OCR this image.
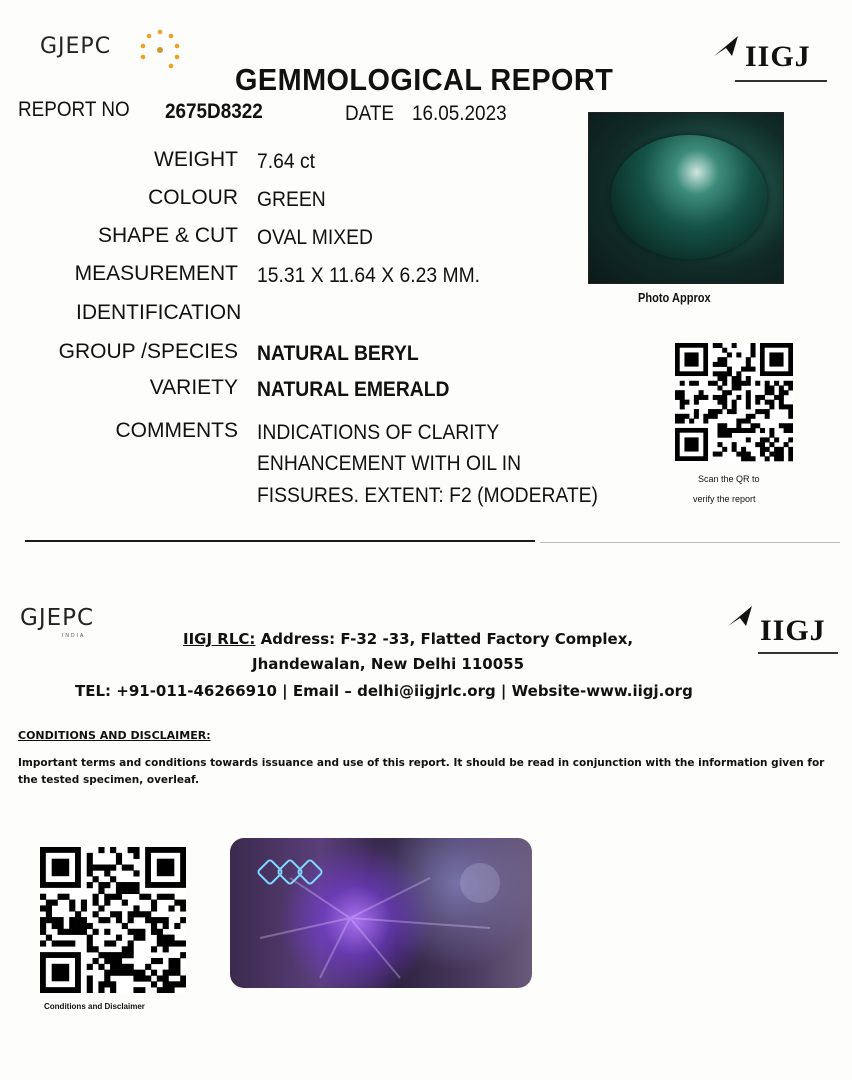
GJEPC	IIGJ
GEMMOLOGICAL REPORT
REPORT NO 2675D8322	DATE 16.05.2023
WEIGHT 7.64 ct
COLOUR GREEN
SHAPE & CUT OVAL MIXED
MEASUREMENT 15.31 X 11.64 X 6.23 MM.
IDENTIFICATION
GROUP /SPECIES NATURAL BERYL
VARIETY NATURAL EMERALD
COMMENTS INDICATIONS OF CLARITY
ENHANCEMENT WITH OIL IN
FISSURES. EXTENT: F2 (MODERATE)
Photo Approx
Scan the QR to
verify the report
GJEPC
INDIA	IIGJ
IIGJ RLC: Address: F-32 -33, Flatted Factory Complex,
Jhandewalan, New Delhi 110055
TEL: +91-011-46266910 | Email – delhi@iigjrlc.org | Website-www.iigj.org
CONDITIONS AND DISCLAIMER:
Important terms and conditions towards issuance and use of this report. It should be read in conjunction with the information given for the tested specimen, overleaf.
Conditions and Disclaimer
